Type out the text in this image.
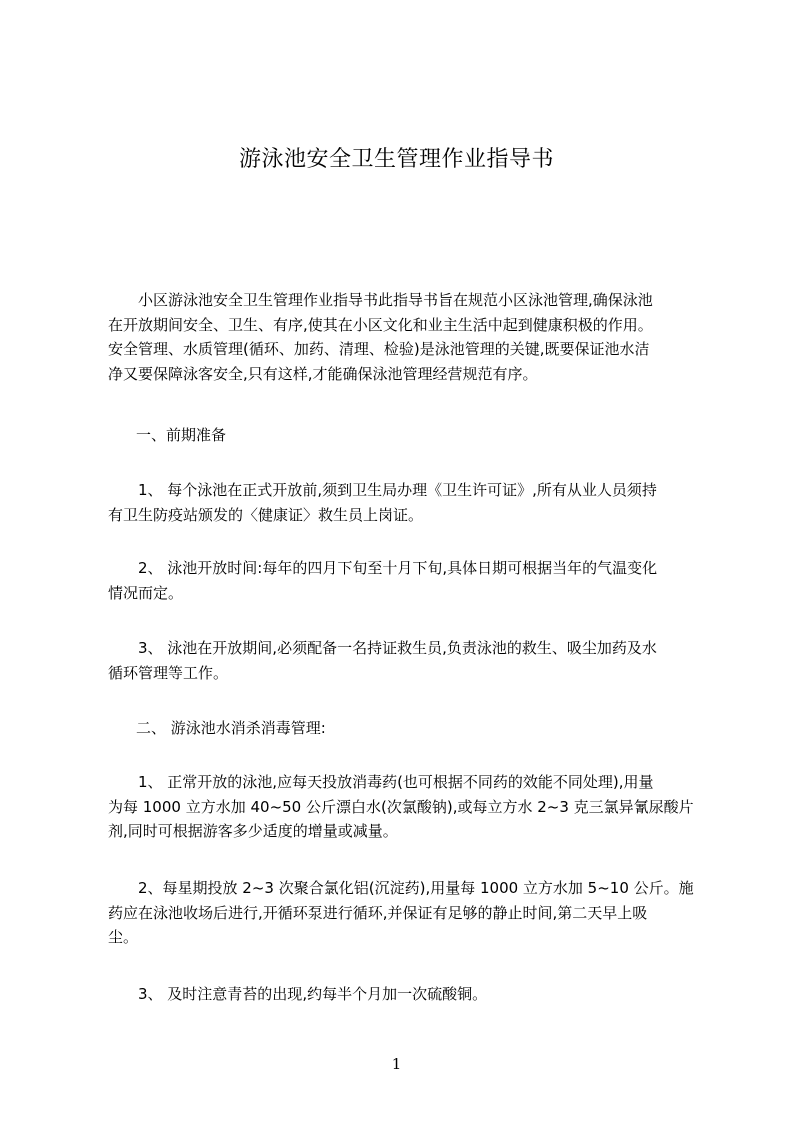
游泳池安全卫生管理作业指导书

小区游泳池安全卫生管理作业指导书此指导书旨在规范小区泳池管理,确保泳池

在开放期间安全、卫生、有序,使其在小区文化和业主生活中起到健康积极的作用。

安全管理、水质管理(循环、加药、清理、检验)是泳池管理的关键,既要保证池水洁

净又要保障泳客安全,只有这样,才能确保泳池管理经营规范有序。

一、前期准备

1、 每个泳池在正式开放前,须到卫生局办理《卫生许可证》,所有从业人员须持

有卫生防疫站颁发的〈健康证〉救生员上岗证。

2、 泳池开放时间:每年的四月下旬至十月下旬,具体日期可根据当年的气温变化

情况而定。

3、 泳池在开放期间,必须配备一名持证救生员,负责泳池的救生、吸尘加药及水

循环管理等工作。

二、 游泳池水消杀消毒管理:

1、 正常开放的泳池,应每天投放消毒药(也可根据不同药的效能不同处理),用量

为每 1000 立方水加 40~50 公斤漂白水(次氯酸钠),或每立方水 2~3 克三氯异氰尿酸片

剂,同时可根据游客多少适度的增量或减量。

2、每星期投放 2~3 次聚合氯化铝(沉淀药),用量每 1000 立方水加 5~10 公斤。施

药应在泳池收场后进行,开循环泵进行循环,并保证有足够的静止时间,第二天早上吸

尘。

3、 及时注意青苔的出现,约每半个月加一次硫酸铜。

1
